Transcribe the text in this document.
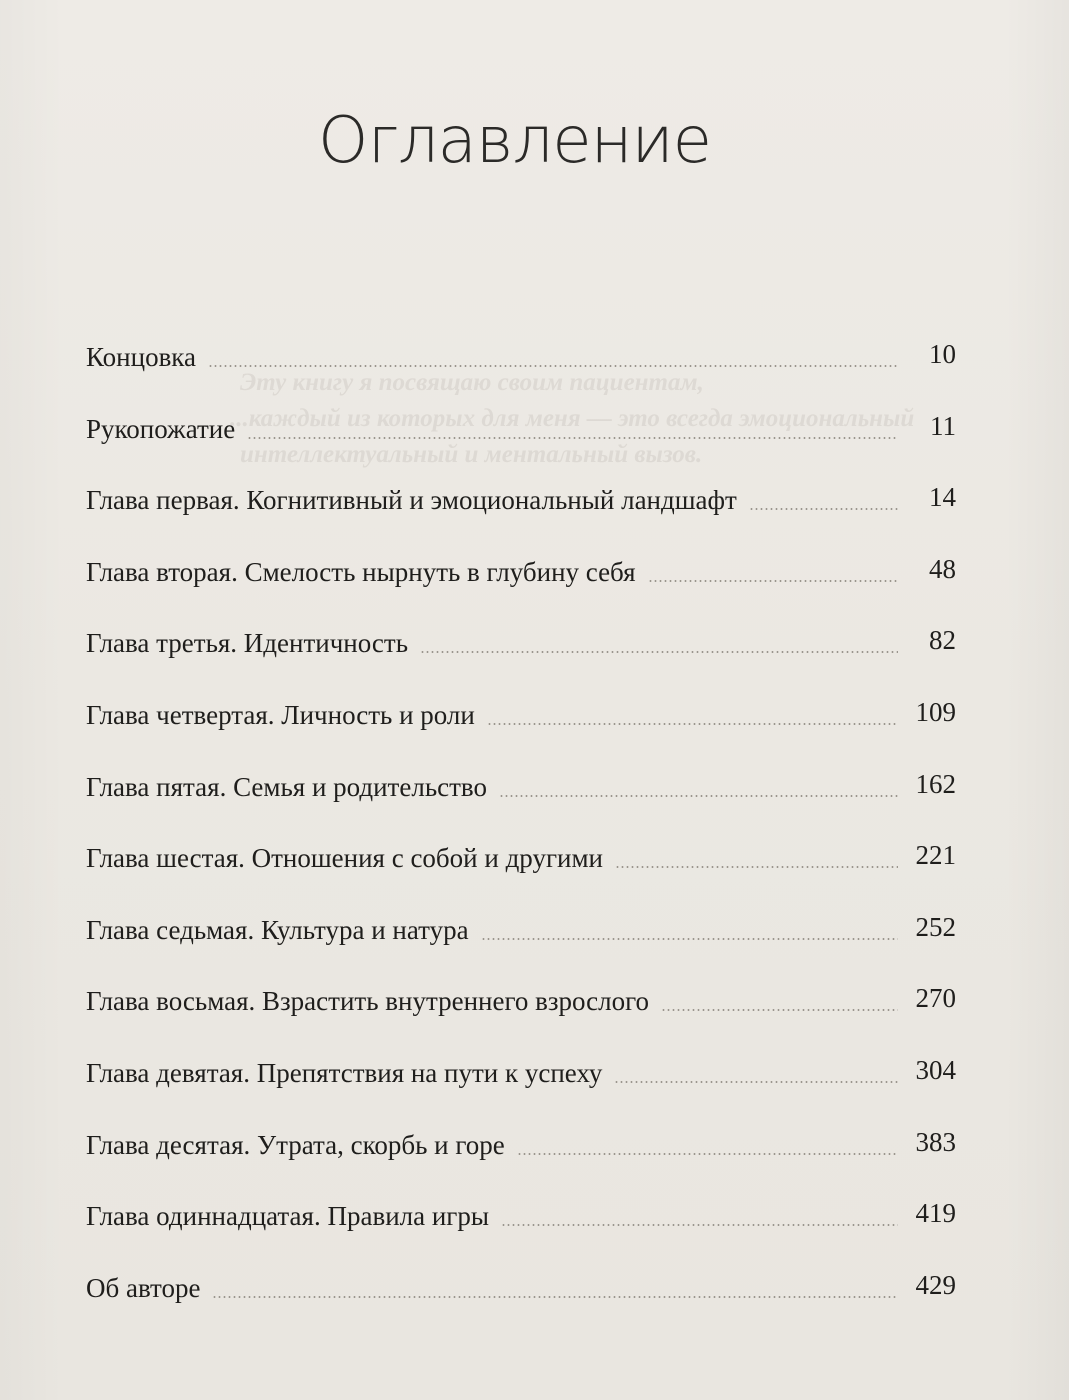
Оглавление
Эту книгу я посвящаю своим пациентам,
...каждый из которых для меня — это всегда эмоциональный
интеллектуальный и ментальный вызов.
Концовка	10
Рукопожатие	11
Глава первая. Когнитивный и эмоциональный ландшафт	14
Глава вторая. Смелость нырнуть в глубину себя	48
Глава третья. Идентичность	82
Глава четвертая. Личность и роли	109
Глава пятая. Семья и родительство	162
Глава шестая. Отношения с собой и другими	221
Глава седьмая. Культура и натура	252
Глава восьмая. Взрастить внутреннего взрослого	270
Глава девятая. Препятствия на пути к успеху	304
Глава десятая. Утрата, скорбь и горе	383
Глава одиннадцатая. Правила игры	419
Об авторе	429
